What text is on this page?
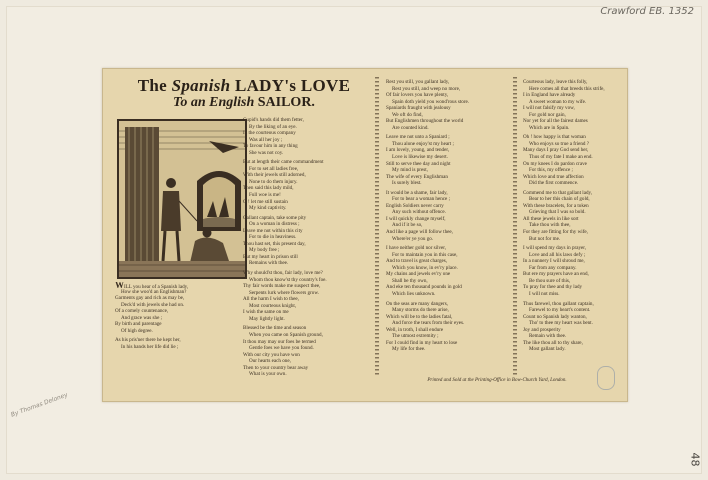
Crawford EB. 1352
By Thomas Deloney
48
The Spanish LADY's LOVE
To an English SAILOR.
Cupid's hands did them fetter,
By the liking of an eye.
In the courteous company
Was all her joy ;
To favour him in any thing
She was not coy.
But at length their came commandment
For to set all ladies free,
With their jewels still adorned,
None to do them injury.
Then said this lady mild,
Full woe is me!
O ! let me still sustain
My kind captivity.
Gallant captain, take some pity
On a woman in distress ;
Leave me not within this city
For to die in heaviness.
Thou hast set, this present day,
My body free ;
But my heart in prison still
Remains with thee.
Why should'st thou, fair lady, love me?
Whom thou know'st thy country's foe.
Thy fair words make me suspect thee,
Serpents lurk where flowers grow.
All the harm I wish to thee,
Most courteous knight,
I wish the same on me
May lightly light.
Blessed be the time and season
When you came on Spanish ground,
It thou may may our foes be termed
Gentle foes we have you found.
With our city you have won
Our hearts each one,
Then to your country bear away
What is your own.
WILL you hear of a Spanish lady,
How she woo'd an Englishman?
Garments gay and rich as may be,
Deck'd with jewels she had on.
Of a comely countenance,
And grace was she ;
By birth and parentage
Of high degree.
As his pris'ner there he kept her,
In his hands her life did lie ;
Rest you still, you gallant lady,
Rest you still, and weep no more,
Of fair lovers you have plenty,
Spain doth yield you wond'rous store.
Spaniards fraught with jealousy
We oft do find,
But Englishmen throughout the world
Are counted kind.
Leave me not unto a Spaniard ;
Thou alone enjoy'st my heart ;
I am lovely, young, and tender,
Love is likewise my desert.
Still to serve thee day and night
My mind is prest,
The wife of every Englishman
Is surely blest.
It would be a shame, fair lady,
For to bear a woman hence ;
English Soldiers never carry
Any such without offence.
I will quickly change myself,
And if it be so,
And like a page will follow thee,
Where'er ye you go.
I have neither gold nor silver,
For to maintain you in this case,
And to travel is great charges,
Which you know, in ev'ry place.
My chains and jewels ev'ry one
Shall be thy own,
And eke ten thousand pounds in gold
Which lies unknown.
On the seas are many dangers,
Many storms do there arise,
Which will be to the ladies fatal,
And force the tears from their eyes.
Well, in troth, I shall endure
The utmost extremity ;
For I could find in my heart to lose
My life for thee.
Courteous lady, leave this folly,
Here comes all that breeds this strife,
I in England have already
A sweet woman to my wife.
I will not falsify my vow,
For gold nor gain,
Nor yet for all the fairest dames
Which are in Spain.
Oh ! how happy is that woman
Who enjoys so true a friend ?
Many days I pray God send her,
Thus of my fate I make an end.
On my knees I do pardon crave
For this, my offence ;
Which love and true affection
Did the first commence.
Commend me to that gallant lady,
Bear to her this chain of gold,
With these bracelets, for a token
Grieving that I was so bold.
All these jewels in like sort
Take thou with thee,
For they are fitting for thy wife,
But not for me.
I will spend my days in prayer,
Love and all his laws defy ;
In a nunnery I will shroud me,
Far from any company.
But ere my prayers have an end,
Be thou sure of this,
To pray for thee and thy lady
I will not miss.
Thus farewel, thou gallant captain,
Farewel to my heart's content.
Count no Spanish lady wanton,
Tho' to thee my heart was bent.
Joy and prosperity
Remain with thee.
The like thou all to thy share,
Most gallant lady.
Printed and Sold at the Printing-Office in Bow-Church Yard, London.
